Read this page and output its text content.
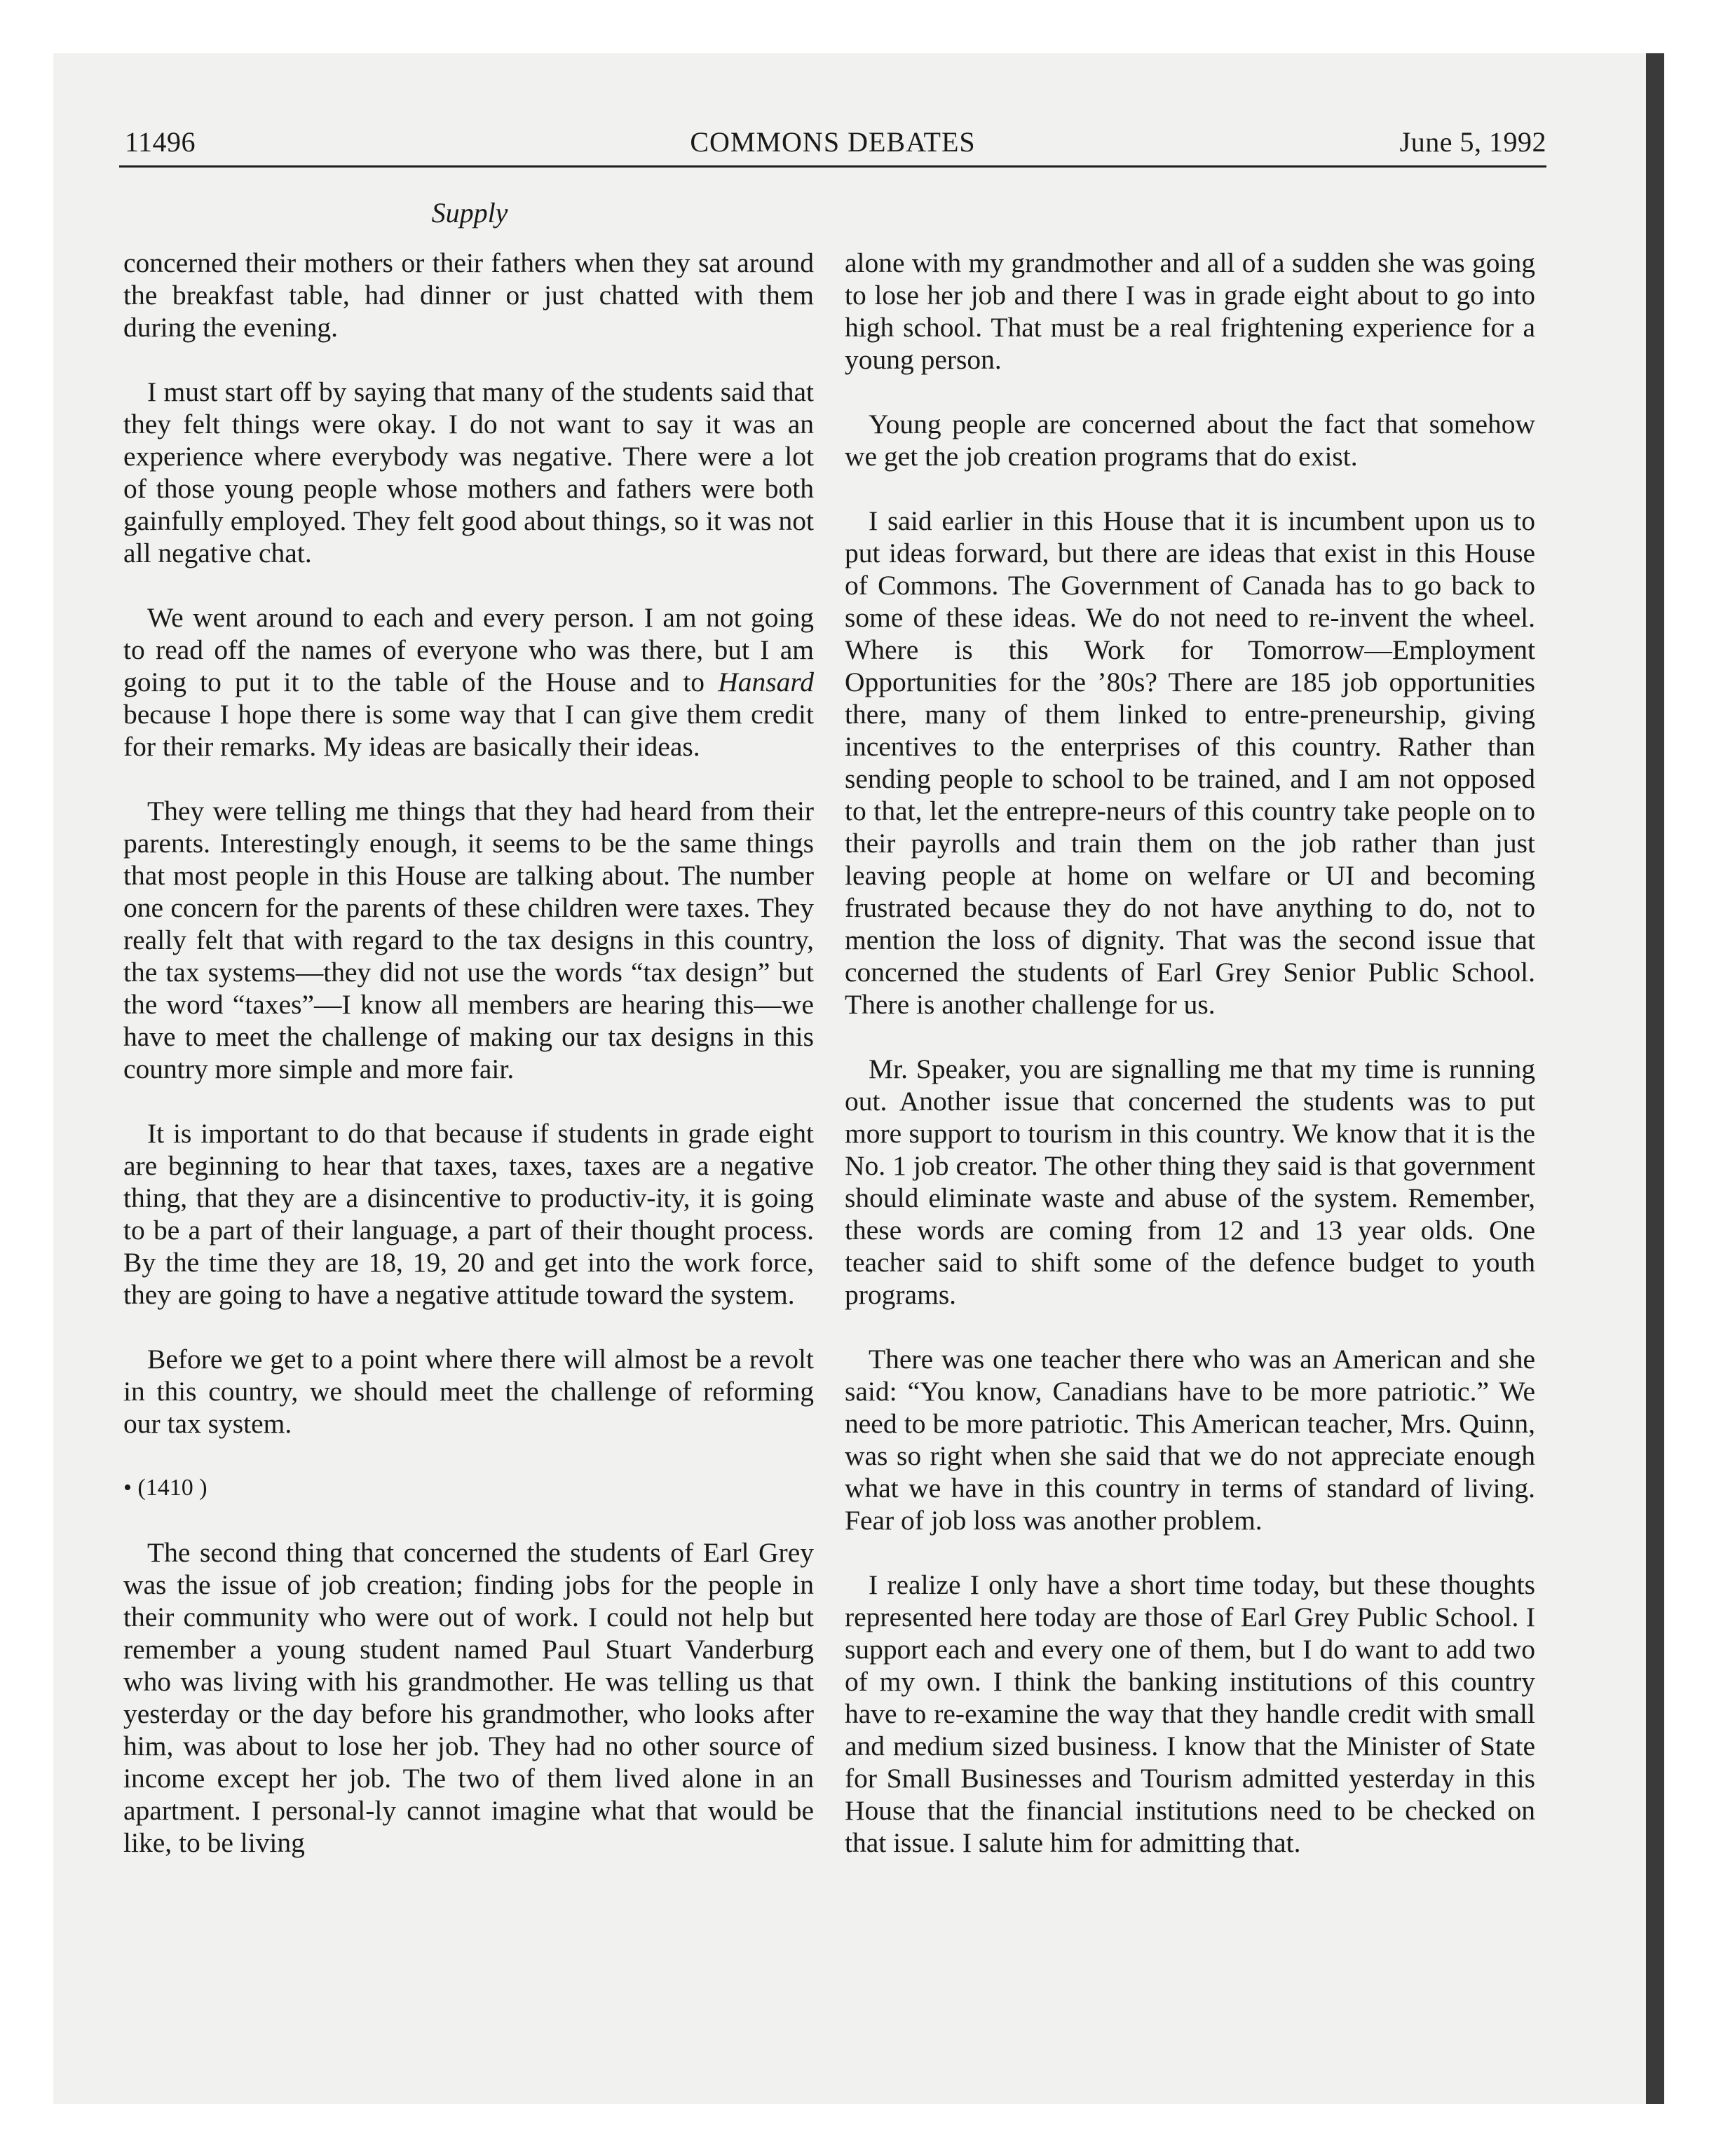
11496	COMMONS DEBATES	June 5, 1992
Supply

concerned their mothers or their fathers when they sat around the breakfast table, had dinner or just chatted with them during the evening.

I must start off by saying that many of the students said that they felt things were okay. I do not want to say it was an experience where everybody was negative. There were a lot of those young people whose mothers and fathers were both gainfully employed. They felt good about things, so it was not all negative chat.

We went around to each and every person. I am not going to read off the names of everyone who was there, but I am going to put it to the table of the House and to Hansard because I hope there is some way that I can give them credit for their remarks. My ideas are basically their ideas.

They were telling me things that they had heard from their parents. Interestingly enough, it seems to be the same things that most people in this House are talking about. The number one concern for the parents of these children were taxes. They really felt that with regard to the tax designs in this country, the tax systems—they did not use the words “tax design” but the word “taxes”—I know all members are hearing this—we have to meet the challenge of making our tax designs in this country more simple and more fair.

It is important to do that because if students in grade eight are beginning to hear that taxes, taxes, taxes are a negative thing, that they are a disincentive to productiv-ity, it is going to be a part of their language, a part of their thought process. By the time they are 18, 19, 20 and get into the work force, they are going to have a negative attitude toward the system.

Before we get to a point where there will almost be a revolt in this country, we should meet the challenge of reforming our tax system.

• (1410 )

The second thing that concerned the students of Earl Grey was the issue of job creation; finding jobs for the people in their community who were out of work. I could not help but remember a young student named Paul Stuart Vanderburg who was living with his grandmother. He was telling us that yesterday or the day before his grandmother, who looks after him, was about to lose her job. They had no other source of income except her job. The two of them lived alone in an apartment. I personal-ly cannot imagine what that would be like, to be living

alone with my grandmother and all of a sudden she was going to lose her job and there I was in grade eight about to go into high school. That must be a real frightening experience for a young person.

Young people are concerned about the fact that somehow we get the job creation programs that do exist.

I said earlier in this House that it is incumbent upon us to put ideas forward, but there are ideas that exist in this House of Commons. The Government of Canada has to go back to some of these ideas. We do not need to re-invent the wheel. Where is this Work for Tomorrow—Employment Opportunities for the ’80s? There are 185 job opportunities there, many of them linked to entre-preneurship, giving incentives to the enterprises of this country. Rather than sending people to school to be trained, and I am not opposed to that, let the entrepre-neurs of this country take people on to their payrolls and train them on the job rather than just leaving people at home on welfare or UI and becoming frustrated because they do not have anything to do, not to mention the loss of dignity. That was the second issue that concerned the students of Earl Grey Senior Public School. There is another challenge for us.

Mr. Speaker, you are signalling me that my time is running out. Another issue that concerned the students was to put more support to tourism in this country. We know that it is the No. 1 job creator. The other thing they said is that government should eliminate waste and abuse of the system. Remember, these words are coming from 12 and 13 year olds. One teacher said to shift some of the defence budget to youth programs.

There was one teacher there who was an American and she said: “You know, Canadians have to be more patriotic.” We need to be more patriotic. This American teacher, Mrs. Quinn, was so right when she said that we do not appreciate enough what we have in this country in terms of standard of living. Fear of job loss was another problem.

I realize I only have a short time today, but these thoughts represented here today are those of Earl Grey Public School. I support each and every one of them, but I do want to add two of my own. I think the banking institutions of this country have to re-examine the way that they handle credit with small and medium sized business. I know that the Minister of State for Small Businesses and Tourism admitted yesterday in this House that the financial institutions need to be checked on that issue. I salute him for admitting that.
